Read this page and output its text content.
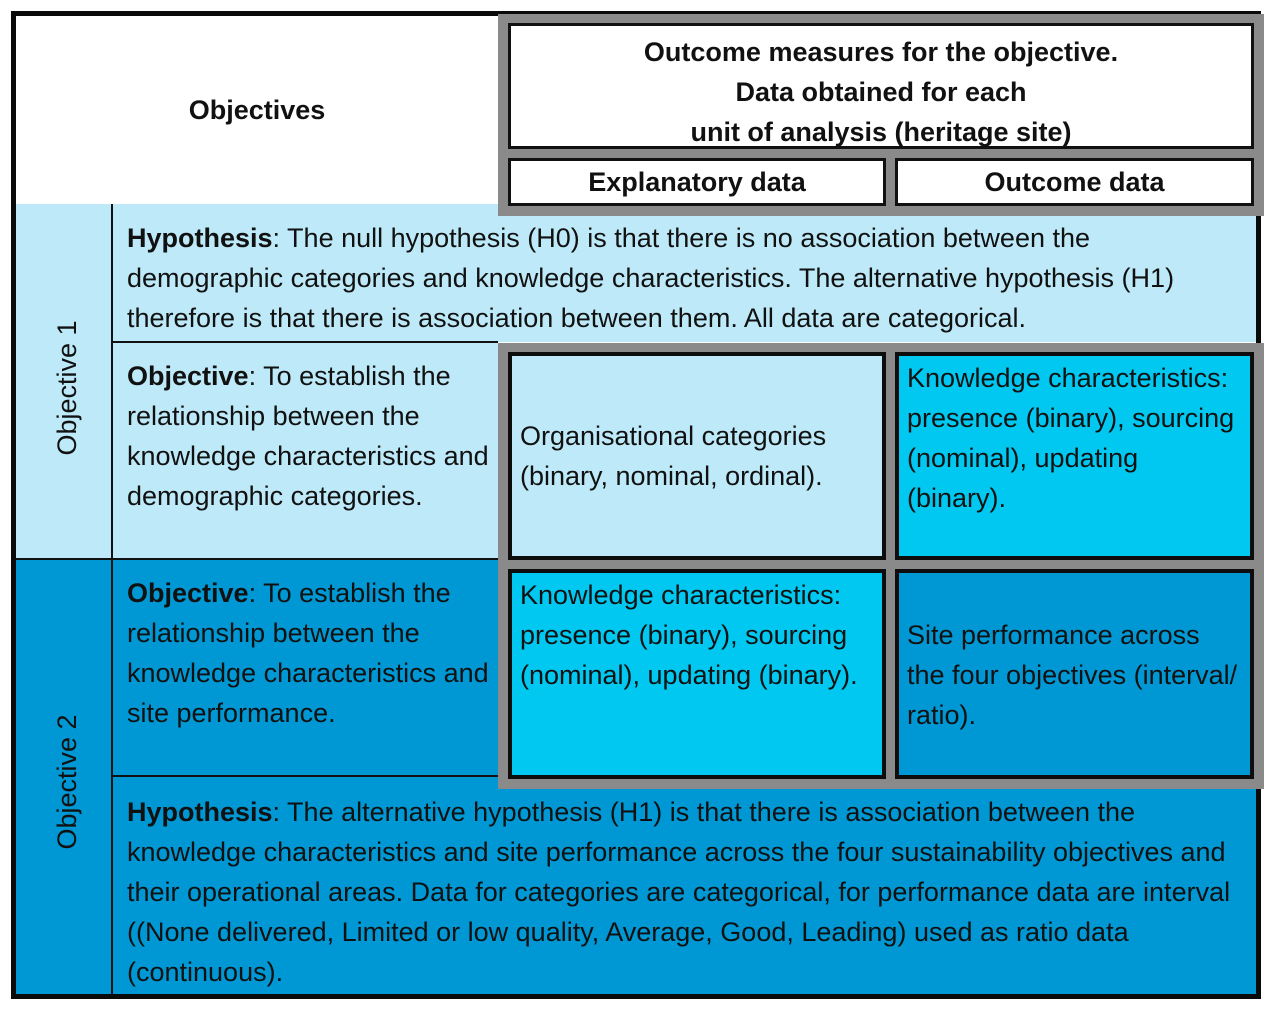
Objectives
Outcome measures for the objective.
Data obtained for each
unit of analysis (heritage site)
Explanatory data	Outcome data
Objective 1
Objective 2
Hypothesis: The null hypothesis (H0) is that there is no association between the demographic categories and knowledge characteristics. The alternative hypothesis (H1) therefore is that there is association between them. All data are categorical.
Objective: To establish the relationship between the knowledge characteristics and demographic categories.
Objective: To establish the relationship between the knowledge characteristics and site performance.
Organisational categories (binary, nominal, ordinal).
Knowledge characteristics: presence (binary), sourcing (nominal), updating (binary).
Knowledge characteristics: presence (binary), sourcing (nominal), updating (binary).
Site performance across the four objectives (interval/ ratio).
Hypothesis: The alternative hypothesis (H1) is that there is association between the knowledge characteristics and site performance across the four sustainability objectives and their operational areas. Data for categories are categorical, for performance data are interval ((None delivered, Limited or low quality, Average, Good, Leading) used as ratio data (continuous).
